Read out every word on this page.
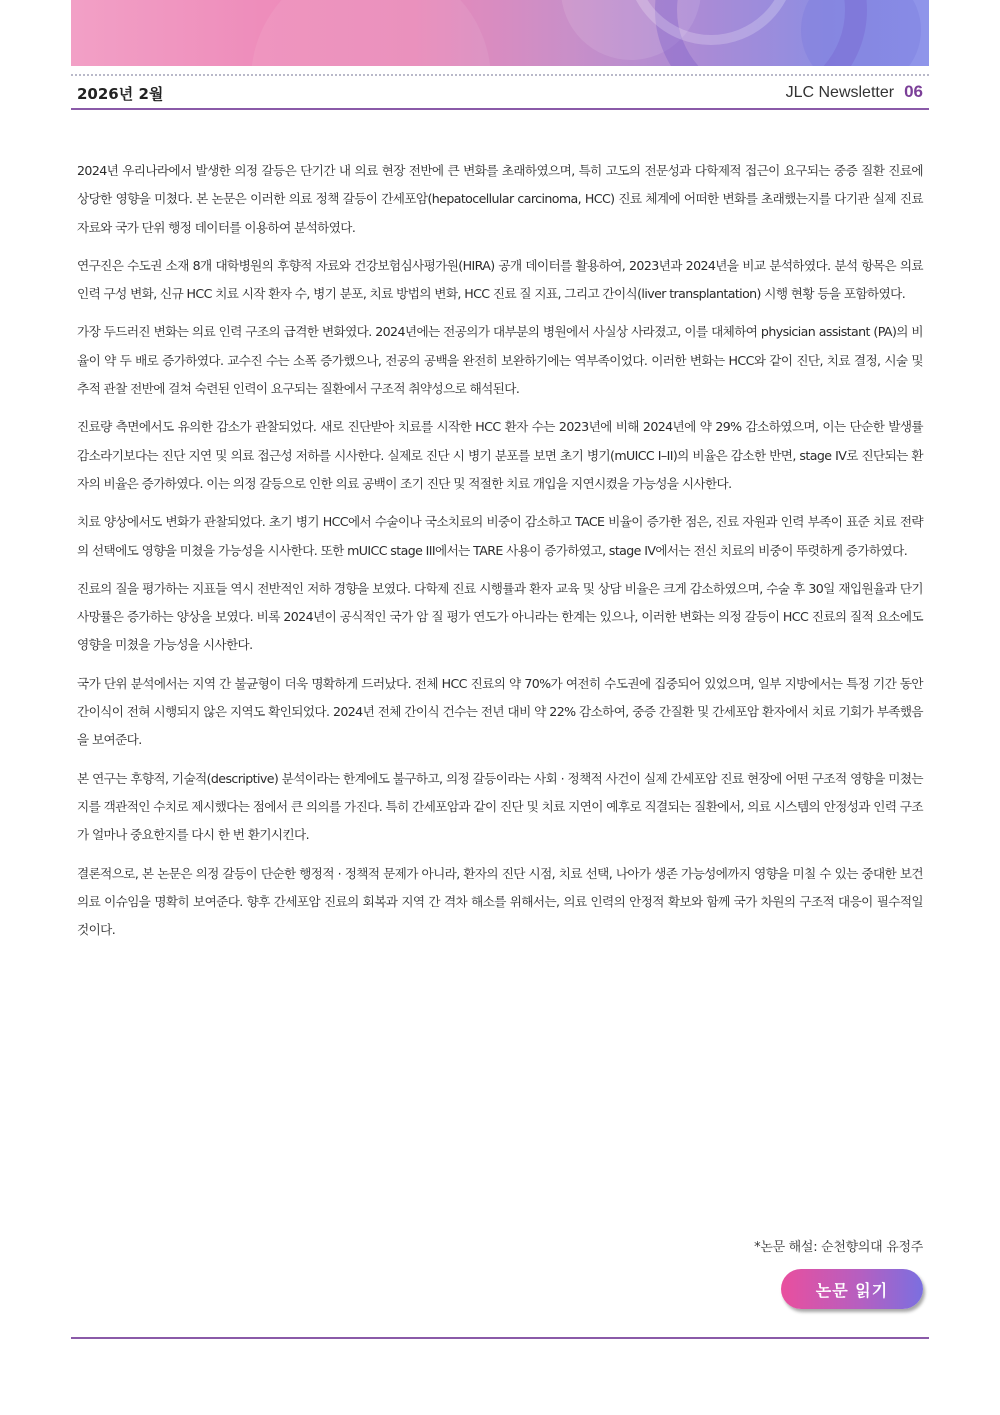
2026년 2월	JLC Newsletter 06

2024년 우리나라에서 발생한 의정 갈등은 단기간 내 의료 현장 전반에 큰 변화를 초래하였으며, 특히 고도의 전문성과 다학제적 접근이 요구되는 중증 질환 진료에 상당한 영향을 미쳤다. 본 논문은 이러한 의료 정책 갈등이 간세포암(hepatocellular carcinoma, HCC) 진료 체계에 어떠한 변화를 초래했는지를 다기관 실제 진료 자료와 국가 단위 행정 데이터를 이용하여 분석하였다.

연구진은 수도권 소재 8개 대학병원의 후향적 자료와 건강보험심사평가원(HIRA) 공개 데이터를 활용하여, 2023년과 2024년을 비교 분석하였다. 분석 항목은 의료 인력 구성 변화, 신규 HCC 치료 시작 환자 수, 병기 분포, 치료 방법의 변화, HCC 진료 질 지표, 그리고 간이식(liver transplantation) 시행 현황 등을 포함하였다.

가장 두드러진 변화는 의료 인력 구조의 급격한 변화였다. 2024년에는 전공의가 대부분의 병원에서 사실상 사라졌고, 이를 대체하여 physician assistant (PA)의 비율이 약 두 배로 증가하였다. 교수진 수는 소폭 증가했으나, 전공의 공백을 완전히 보완하기에는 역부족이었다. 이러한 변화는 HCC와 같이 진단, 치료 결정, 시술 및 추적 관찰 전반에 걸쳐 숙련된 인력이 요구되는 질환에서 구조적 취약성으로 해석된다.

진료량 측면에서도 유의한 감소가 관찰되었다. 새로 진단받아 치료를 시작한 HCC 환자 수는 2023년에 비해 2024년에 약 29% 감소하였으며, 이는 단순한 발생률 감소라기보다는 진단 지연 및 의료 접근성 저하를 시사한다. 실제로 진단 시 병기 분포를 보면 초기 병기(mUICC I–II)의 비율은 감소한 반면, stage IV로 진단되는 환자의 비율은 증가하였다. 이는 의정 갈등으로 인한 의료 공백이 조기 진단 및 적절한 치료 개입을 지연시켰을 가능성을 시사한다.

치료 양상에서도 변화가 관찰되었다. 초기 병기 HCC에서 수술이나 국소치료의 비중이 감소하고 TACE 비율이 증가한 점은, 진료 자원과 인력 부족이 표준 치료 전략의 선택에도 영향을 미쳤을 가능성을 시사한다. 또한 mUICC stage III에서는 TARE 사용이 증가하였고, stage IV에서는 전신 치료의 비중이 뚜렷하게 증가하였다.

진료의 질을 평가하는 지표들 역시 전반적인 저하 경향을 보였다. 다학제 진료 시행률과 환자 교육 및 상담 비율은 크게 감소하였으며, 수술 후 30일 재입원율과 단기 사망률은 증가하는 양상을 보였다. 비록 2024년이 공식적인 국가 암 질 평가 연도가 아니라는 한계는 있으나, 이러한 변화는 의정 갈등이 HCC 진료의 질적 요소에도 영향을 미쳤을 가능성을 시사한다.

국가 단위 분석에서는 지역 간 불균형이 더욱 명확하게 드러났다. 전체 HCC 진료의 약 70%가 여전히 수도권에 집중되어 있었으며, 일부 지방에서는 특정 기간 동안 간이식이 전혀 시행되지 않은 지역도 확인되었다. 2024년 전체 간이식 건수는 전년 대비 약 22% 감소하여, 중증 간질환 및 간세포암 환자에서 치료 기회가 부족했음을 보여준다.

본 연구는 후향적, 기술적(descriptive) 분석이라는 한계에도 불구하고, 의정 갈등이라는 사회 · 정책적 사건이 실제 간세포암 진료 현장에 어떤 구조적 영향을 미쳤는지를 객관적인 수치로 제시했다는 점에서 큰 의의를 가진다. 특히 간세포암과 같이 진단 및 치료 지연이 예후로 직결되는 질환에서, 의료 시스템의 안정성과 인력 구조가 얼마나 중요한지를 다시 한 번 환기시킨다.

결론적으로, 본 논문은 의정 갈등이 단순한 행정적 · 정책적 문제가 아니라, 환자의 진단 시점, 치료 선택, 나아가 생존 가능성에까지 영향을 미칠 수 있는 중대한 보건의료 이슈임을 명확히 보여준다. 향후 간세포암 진료의 회복과 지역 간 격차 해소를 위해서는, 의료 인력의 안정적 확보와 함께 국가 차원의 구조적 대응이 필수적일 것이다.

*논문 해설: 순천향의대 유정주
논문 읽기
